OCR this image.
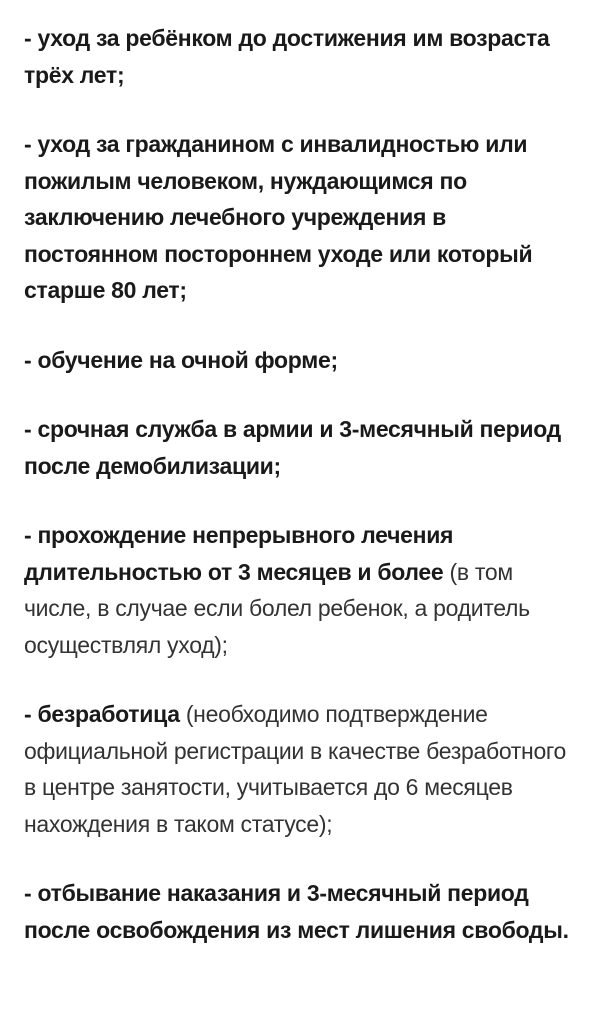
- уход за ребёнком до достижения им возраста трёх лет;

- уход за гражданином с инвалидностью или пожилым человеком, нуждающимся по заключению лечебного учреждения в постоянном постороннем уходе или который старше 80 лет;

- обучение на очной форме;

- срочная служба в армии и 3-месячный период после демобилизации;

- прохождение непрерывного лечения длительностью от 3 месяцев и более (в том числе, в случае если болел ребенок, а родитель осуществлял уход);

- безработица (необходимо подтверждение официальной регистрации в качестве безработного в центре занятости, учитывается до 6 месяцев нахождения в таком статусе);

- отбывание наказания и 3-месячный период после освобождения из мест лишения свободы.
